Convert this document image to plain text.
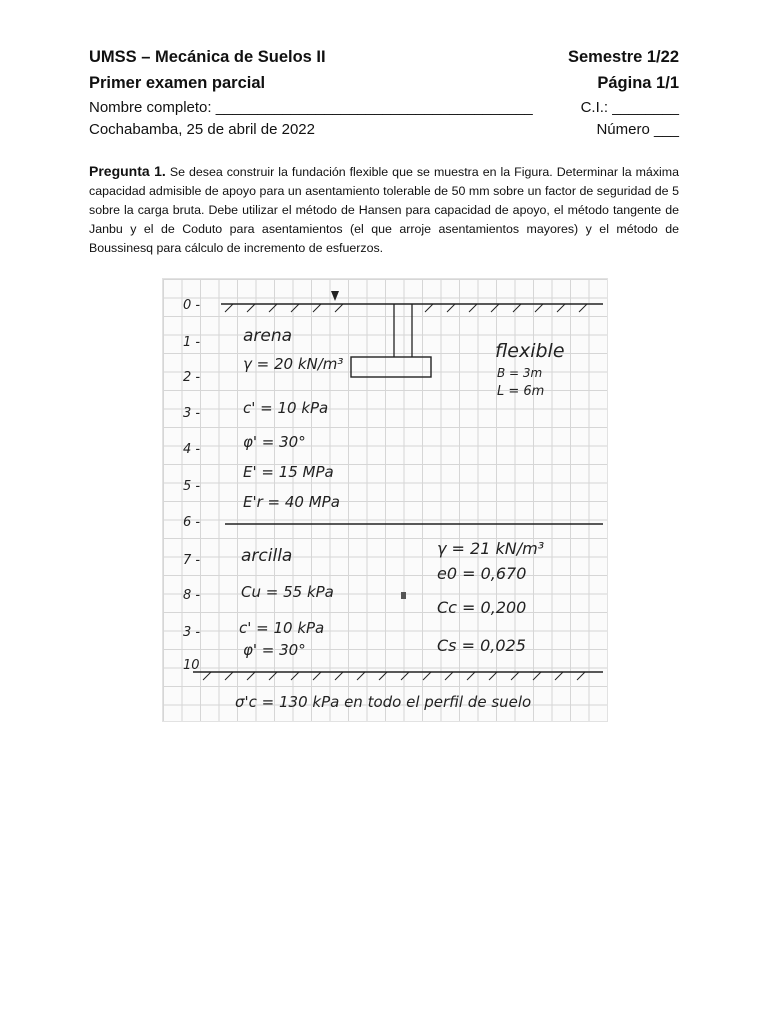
UMSS – Mecánica de Suelos II	Semestre 1/22
Primer examen parcial	Página 1/1
Nombre completo: ______________________________________	C.I.: ________
Cochabamba, 25 de abril de 2022	Número ___
Pregunta 1. Se desea construir la fundación flexible que se muestra en la Figura. Determinar la máxima capacidad admisible de apoyo para un asentamiento tolerable de 50 mm sobre un factor de seguridad de 5 sobre la carga bruta. Debe utilizar el método de Hansen para capacidad de apoyo, el método tangente de Janbu y el de Coduto para asentamientos (el que arroje asentamientos mayores) y el método de Boussinesq para cálculo de incremento de esfuerzos.
0 -
1 -
2 -
3 -
4 -
5 -
6 -
7 -
8 -
3 -
10
arena
γ = 20 kN/m³
c' = 10 kPa
φ' = 30°
E' = 15 MPa
E'r = 40 MPa
flexible
B = 3m
L = 6m
arcilla
Cu = 55 kPa
c' = 10 kPa
φ' = 30°
γ = 21 kN/m³
e0 = 0,670
Cc = 0,200
Cs = 0,025
σ'c = 130 kPa en todo el perfil de suelo
